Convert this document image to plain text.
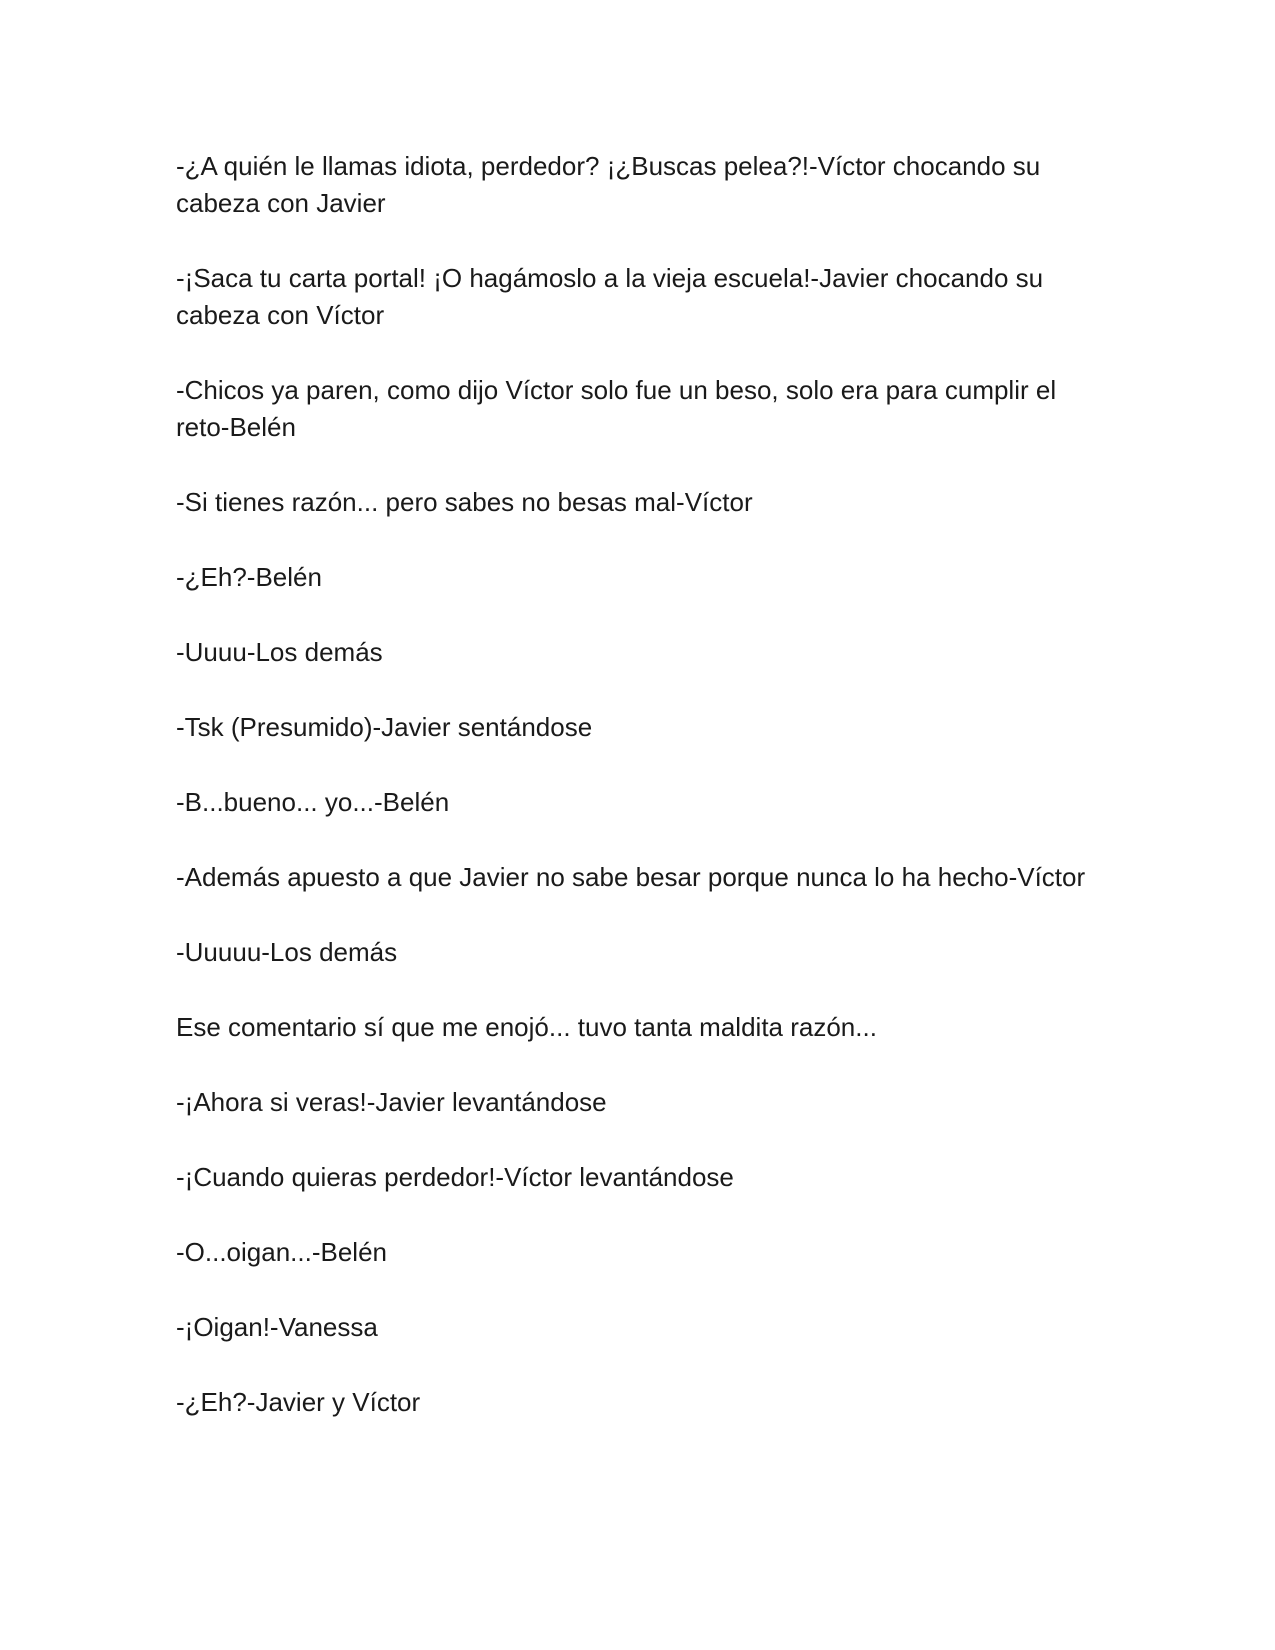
-¿A quién le llamas idiota, perdedor? ¡¿Buscas pelea?!-Víctor chocando su cabeza con Javier

-¡Saca tu carta portal! ¡O hagámoslo a la vieja escuela!-Javier chocando su cabeza con Víctor

-Chicos ya paren, como dijo Víctor solo fue un beso, solo era para cumplir el reto-Belén

-Si tienes razón... pero sabes no besas mal-Víctor

-¿Eh?-Belén

-Uuuu-Los demás

-Tsk (Presumido)-Javier sentándose

-B...bueno... yo...-Belén

-Además apuesto a que Javier no sabe besar porque nunca lo ha hecho-Víctor

-Uuuuu-Los demás

Ese comentario sí que me enojó... tuvo tanta maldita razón...

-¡Ahora si veras!-Javier levantándose

-¡Cuando quieras perdedor!-Víctor levantándose

-O...oigan...-Belén

-¡Oigan!-Vanessa

-¿Eh?-Javier y Víctor
